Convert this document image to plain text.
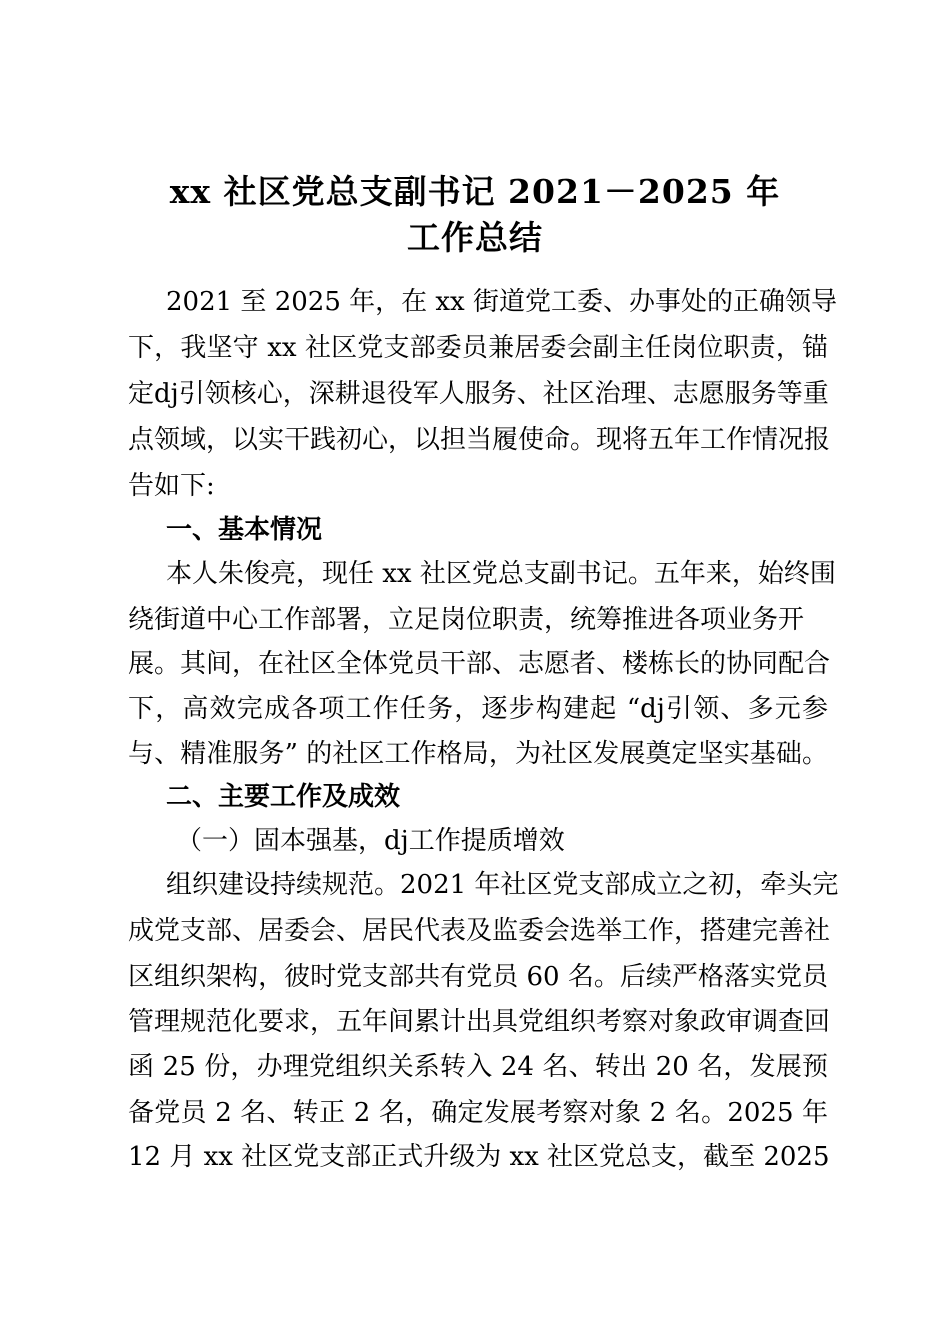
xx 社区党总支副书记 2021－2025 年
工作总结
2021 至 2025 年，在 xx 街道党工委、办事处的正确领导
下，我坚守 xx 社区党支部委员兼居委会副主任岗位职责，锚
定dj引领核心，深耕退役军人服务、社区治理、志愿服务等重
点领域，以实干践初心，以担当履使命。现将五年工作情况报
告如下:
一、基本情况
本人朱俊亮，现任 xx 社区党总支副书记。五年来，始终围
绕街道中心工作部署，立足岗位职责，统筹推进各项业务开
展。其间，在社区全体党员干部、志愿者、楼栋长的协同配合
下，高效完成各项工作任务，逐步构建起 “dj引领、多元参
与、精准服务” 的社区工作格局，为社区发展奠定坚实基础。
二、主要工作及成效
（一）固本强基，dj工作提质增效
组织建设持续规范。2021 年社区党支部成立之初，牵头完
成党支部、居委会、居民代表及监委会选举工作，搭建完善社
区组织架构，彼时党支部共有党员 60 名。后续严格落实党员
管理规范化要求，五年间累计出具党组织考察对象政审调查回
函 25 份，办理党组织关系转入 24 名、转出 20 名，发展预
备党员 2 名、转正 2 名，确定发展考察对象 2 名。2025 年
12 月 xx 社区党支部正式升级为 xx 社区党总支，截至 2025
